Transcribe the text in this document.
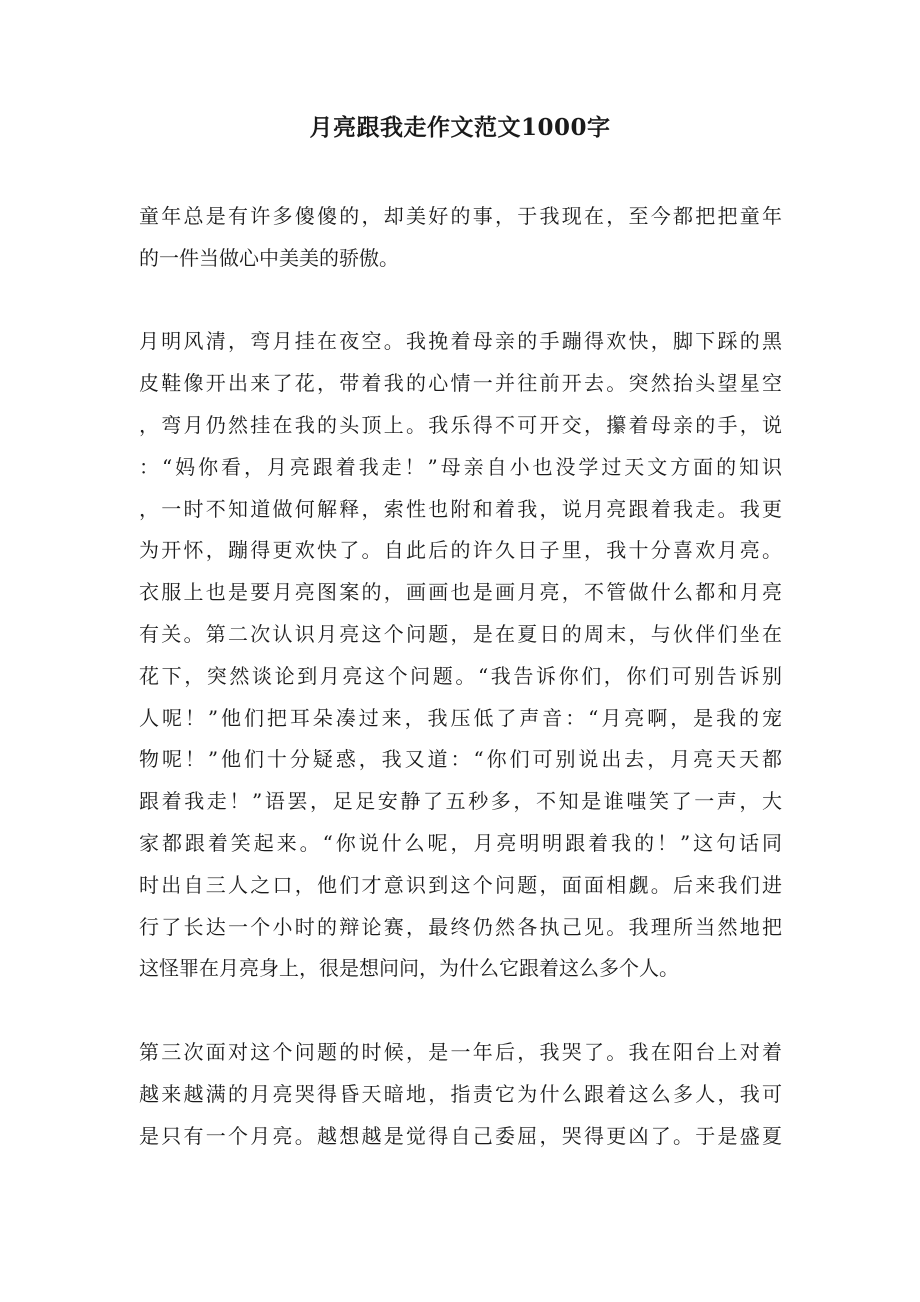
月亮跟我走作文范文1000字
童年总是有许多傻傻的，却美好的事，于我现在，至今都把把童年
的一件当做心中美美的骄傲。
月明风清，弯月挂在夜空。我挽着母亲的手蹦得欢快，脚下踩的黑
皮鞋像开出来了花，带着我的心情一并往前开去。突然抬头望星空
，弯月仍然挂在我的头顶上。我乐得不可开交，攥着母亲的手，说
：“妈你看，月亮跟着我走！”母亲自小也没学过天文方面的知识
，一时不知道做何解释，索性也附和着我，说月亮跟着我走。我更
为开怀，蹦得更欢快了。自此后的许久日子里，我十分喜欢月亮。
衣服上也是要月亮图案的，画画也是画月亮，不管做什么都和月亮
有关。第二次认识月亮这个问题，是在夏日的周末，与伙伴们坐在
花下，突然谈论到月亮这个问题。“我告诉你们，你们可别告诉别
人呢！”他们把耳朵凑过来，我压低了声音：“月亮啊，是我的宠
物呢！”他们十分疑惑，我又道：“你们可别说出去，月亮天天都
跟着我走！”语罢，足足安静了五秒多，不知是谁嗤笑了一声，大
家都跟着笑起来。“你说什么呢，月亮明明跟着我的！”这句话同
时出自三人之口，他们才意识到这个问题，面面相觑。后来我们进
行了长达一个小时的辩论赛，最终仍然各执己见。我理所当然地把
这怪罪在月亮身上，很是想问问，为什么它跟着这么多个人。
第三次面对这个问题的时候，是一年后，我哭了。我在阳台上对着
越来越满的月亮哭得昏天暗地，指责它为什么跟着这么多人，我可
是只有一个月亮。越想越是觉得自己委屈，哭得更凶了。于是盛夏
